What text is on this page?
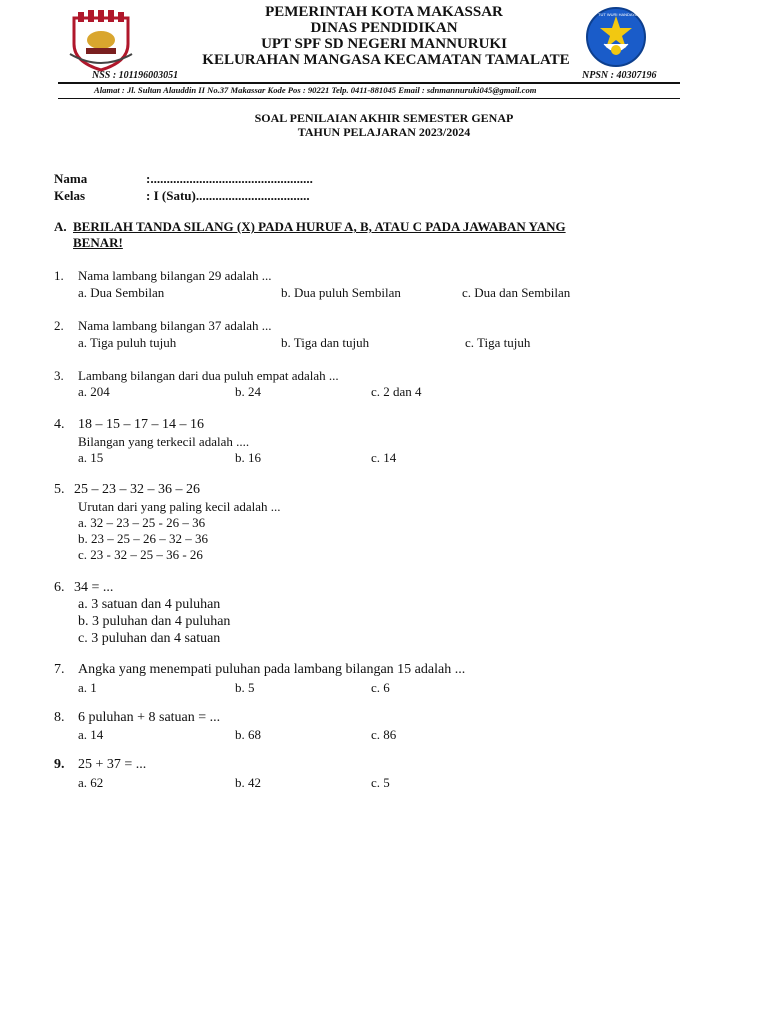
TUT WURI HANDAYANI
PEMERINTAH KOTA MAKASSAR
DINAS PENDIDIKAN
UPT SPF SD NEGERI MANNURUKI
KELURAHAN MANGASA KECAMATAN TAMALATE
NSS : 101196003051	NPSN : 40307196
Alamat : Jl. Sultan Alauddin II No.37 Makassar Kode Pos : 90221 Telp. 0411-881045 Email : sdnmannuruki045@gmail.com
SOAL PENILAIAN AKHIR SEMESTER GENAP
TAHUN PELAJARAN 2023/2024
Nama	:..................................................
Kelas	: I (Satu)...................................
A. BERILAH TANDA SILANG (X) PADA HURUF A, B, ATAU C PADA JAWABAN YANG
BENAR!
1. Nama lambang bilangan 29 adalah ...
a. Dua Sembilan	b. Dua puluh Sembilan	c. Dua dan Sembilan
2. Nama lambang bilangan 37 adalah ...
a. Tiga puluh tujuh	b. Tiga dan tujuh	c. Tiga tujuh
3. Lambang bilangan dari dua puluh empat adalah ...
a. 204	b. 24	c. 2 dan 4
4. 18 – 15 – 17 – 14 – 16
Bilangan yang terkecil adalah ....
a. 15	b. 16	c. 14
5. 25 – 23 – 32 – 36 – 26
Urutan dari yang paling kecil adalah ...
a. 32 – 23 – 25 - 26 – 36
b. 23 – 25 – 26 – 32 – 36
c. 23 - 32 – 25 – 36 - 26
6. 34 = ...
a. 3 satuan dan 4 puluhan
b. 3 puluhan dan 4 puluhan
c. 3 puluhan dan 4 satuan
7. Angka yang menempati puluhan pada lambang bilangan 15 adalah ...
a. 1	b. 5	c. 6
8. 6 puluhan + 8 satuan = ...
a. 14	b. 68	c. 86
9. 25 + 37 = ...
a. 62	b. 42	c. 5
